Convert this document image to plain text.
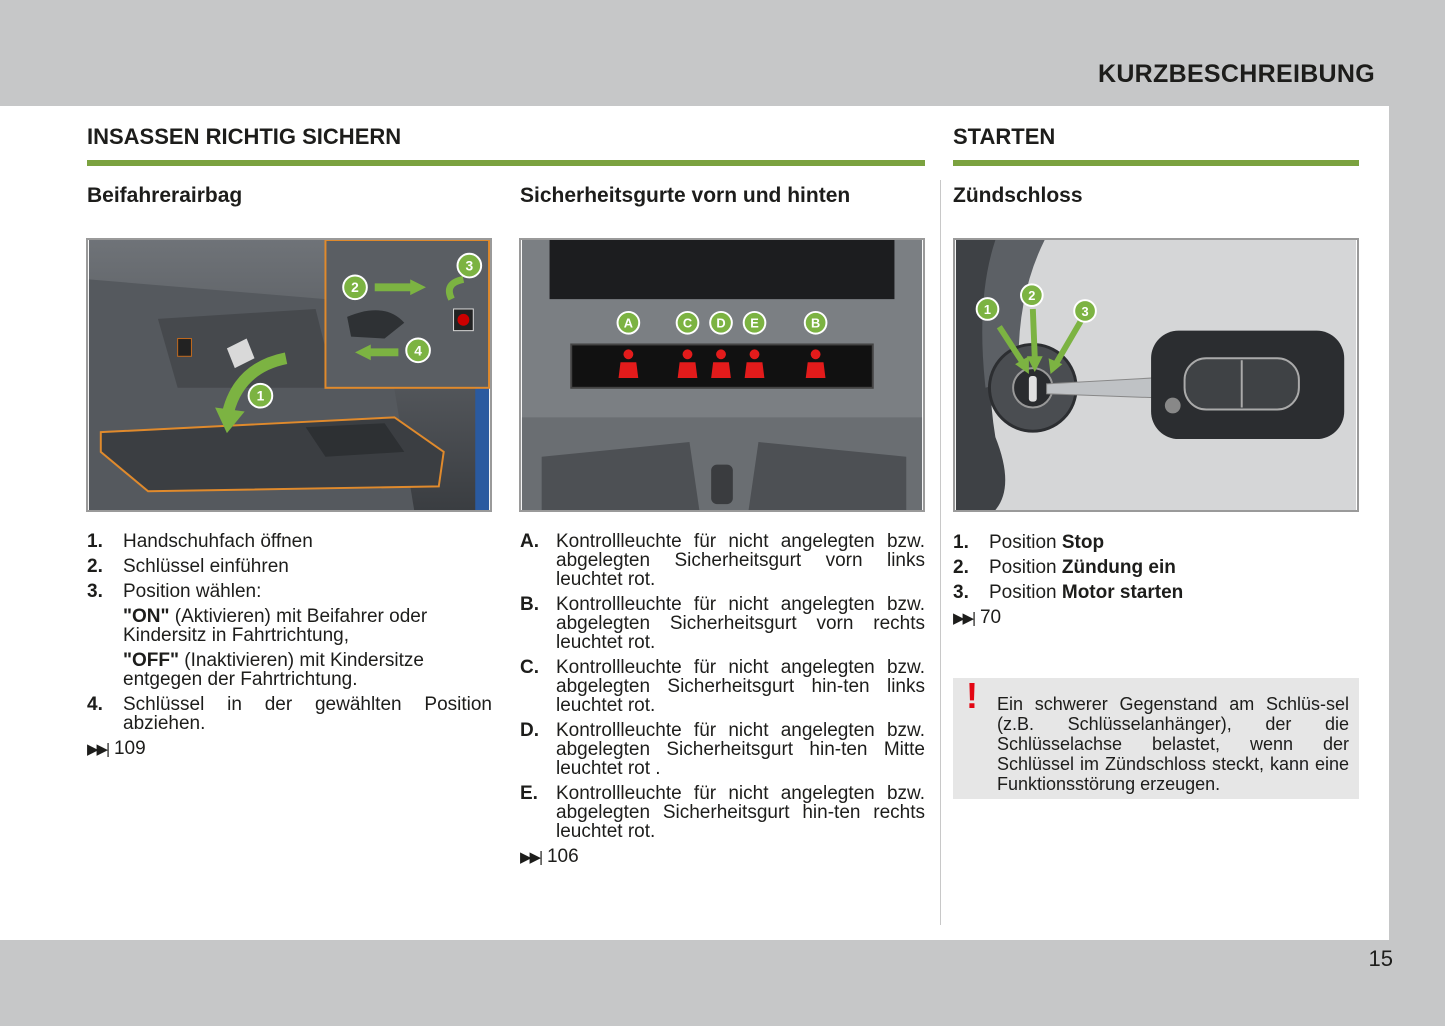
KURZBESCHREIBUNG
INSASSEN RICHTIG SICHERN	STARTEN
Beifahrerairbag	Sicherheitsgurte vorn und hinten	Zündschloss
1
2
3
4
A	C D E	B
1
2
3
1. Handschuhfach öffnen
2. Schlüssel einführen
3. Position wählen:
"ON" (Aktivieren) mit Beifahrer oder Kindersitz in Fahrtrichtung,
"OFF" (Inaktivieren) mit Kindersitze entgegen der Fahrtrichtung.
4. Schlüssel in der gewählten Position abziehen.
▶▶| 109
A. Kontrollleuchte für nicht angelegten bzw. abgelegten Sicherheitsgurt vorn links leuchtet rot.
B. Kontrollleuchte für nicht angelegten bzw. abgelegten Sicherheitsgurt vorn rechts leuchtet rot.
C. Kontrollleuchte für nicht angelegten bzw. abgelegten Sicherheitsgurt hin-ten links leuchtet rot.
D. Kontrollleuchte für nicht angelegten bzw. abgelegten Sicherheitsgurt hin-ten Mitte leuchtet rot .
E. Kontrollleuchte für nicht angelegten bzw. abgelegten Sicherheitsgurt hin-ten rechts leuchtet rot.
▶▶| 106
1. Position Stop
2. Position Zündung ein
3. Position Motor starten
▶▶| 70
! Ein schwerer Gegenstand am Schlüs-sel (z.B. Schlüsselanhänger), der die Schlüsselachse belastet, wenn der Schlüssel im Zündschloss steckt, kann eine Funktionsstörung erzeugen.
15
